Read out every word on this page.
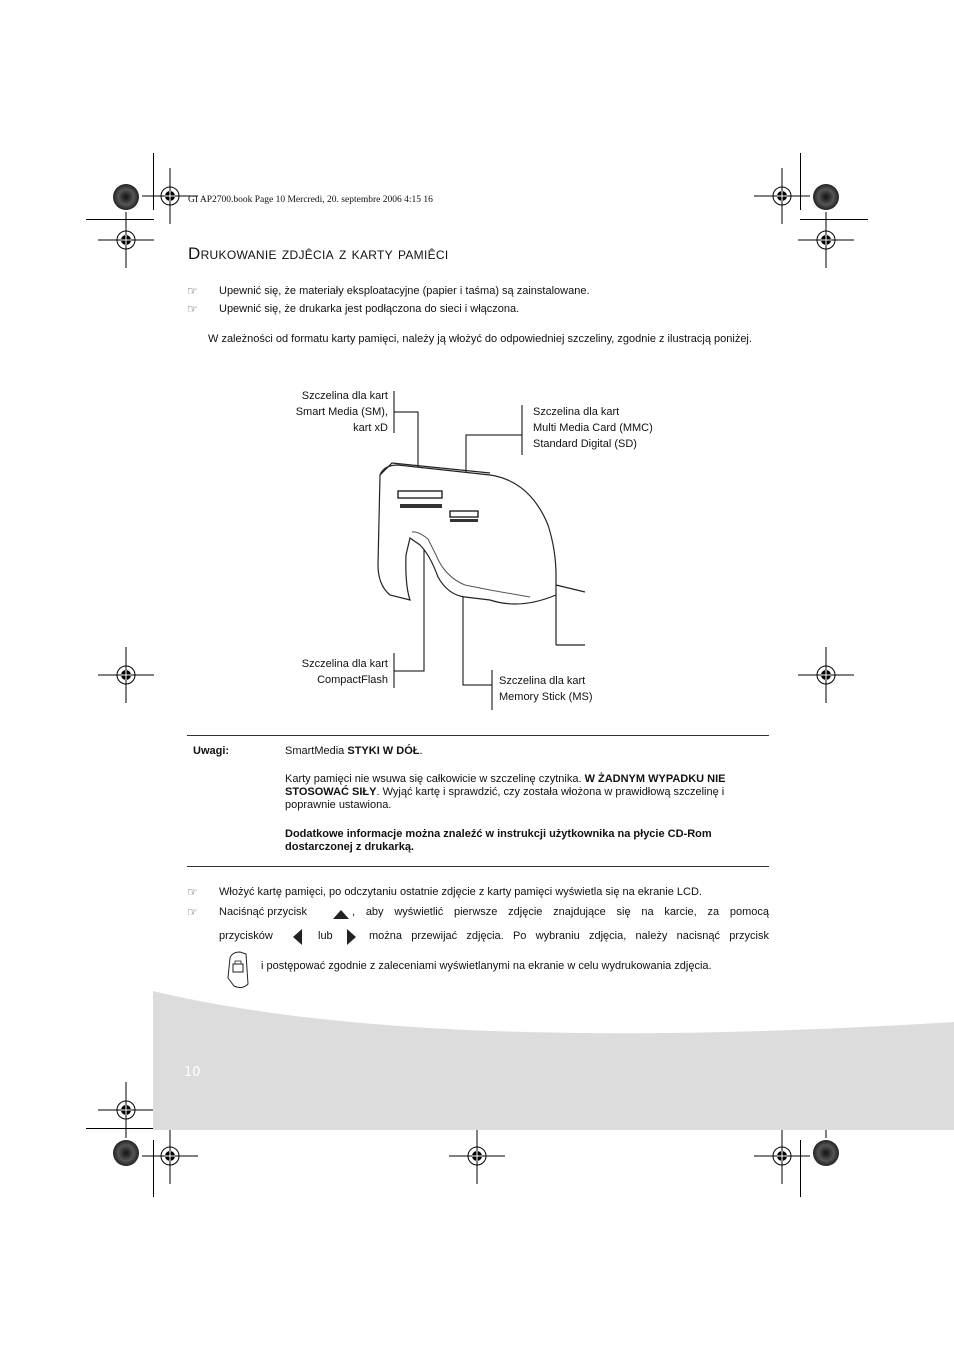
GI AP2700.book Page 10 Mercredi, 20. septembre 2006 4:15 16
Drukowanie zdjêcia z karty pamiêci
☞ Upewnić się, że materiały eksploatacyjne (papier i taśma) są zainstalowane.
☞ Upewnić się, że drukarka jest podłączona do sieci i włączona.
W zależności od formatu karty pamięci, należy ją włożyć do odpowiedniej szczeliny, zgodnie z ilustracją poniżej.
Szczelina dla kart
Smart Media (SM),
kart xD
Szczelina dla kart
Multi Media Card (MMC)
Standard Digital (SD)
Szczelina dla kart
CompactFlash	Szczelina dla kart
Memory Stick (MS)
Uwagi:	SmartMedia STYKI W DÓŁ.
Karty pamięci nie wsuwa się całkowicie w szczelinę czytnika. W ŻADNYM WYPADKU NIE STOSOWAĆ SIŁY. Wyjąć kartę i sprawdzić, czy została włożona w prawidłową szczelinę i poprawnie ustawiona.
Dodatkowe informacje można znaleźć w instrukcji użytkownika na płycie CD-Rom dostarczonej z drukarką.
☞ Włożyć kartę pamięci, po odczytaniu ostatnie zdjęcie z karty pamięci wyświetla się na ekranie LCD.
☞ Naciśnąć przycisk	, aby wyświetlić pierwsze zdjęcie znajdujące się na karcie, za pomocą
przycisków	lub	można przewijać zdjęcia. Po wybraniu zdjęcia, należy nacisnąć przycisk
i postępować zgodnie z zaleceniami wyświetlanymi na ekranie w celu wydrukowania zdjęcia.
10
